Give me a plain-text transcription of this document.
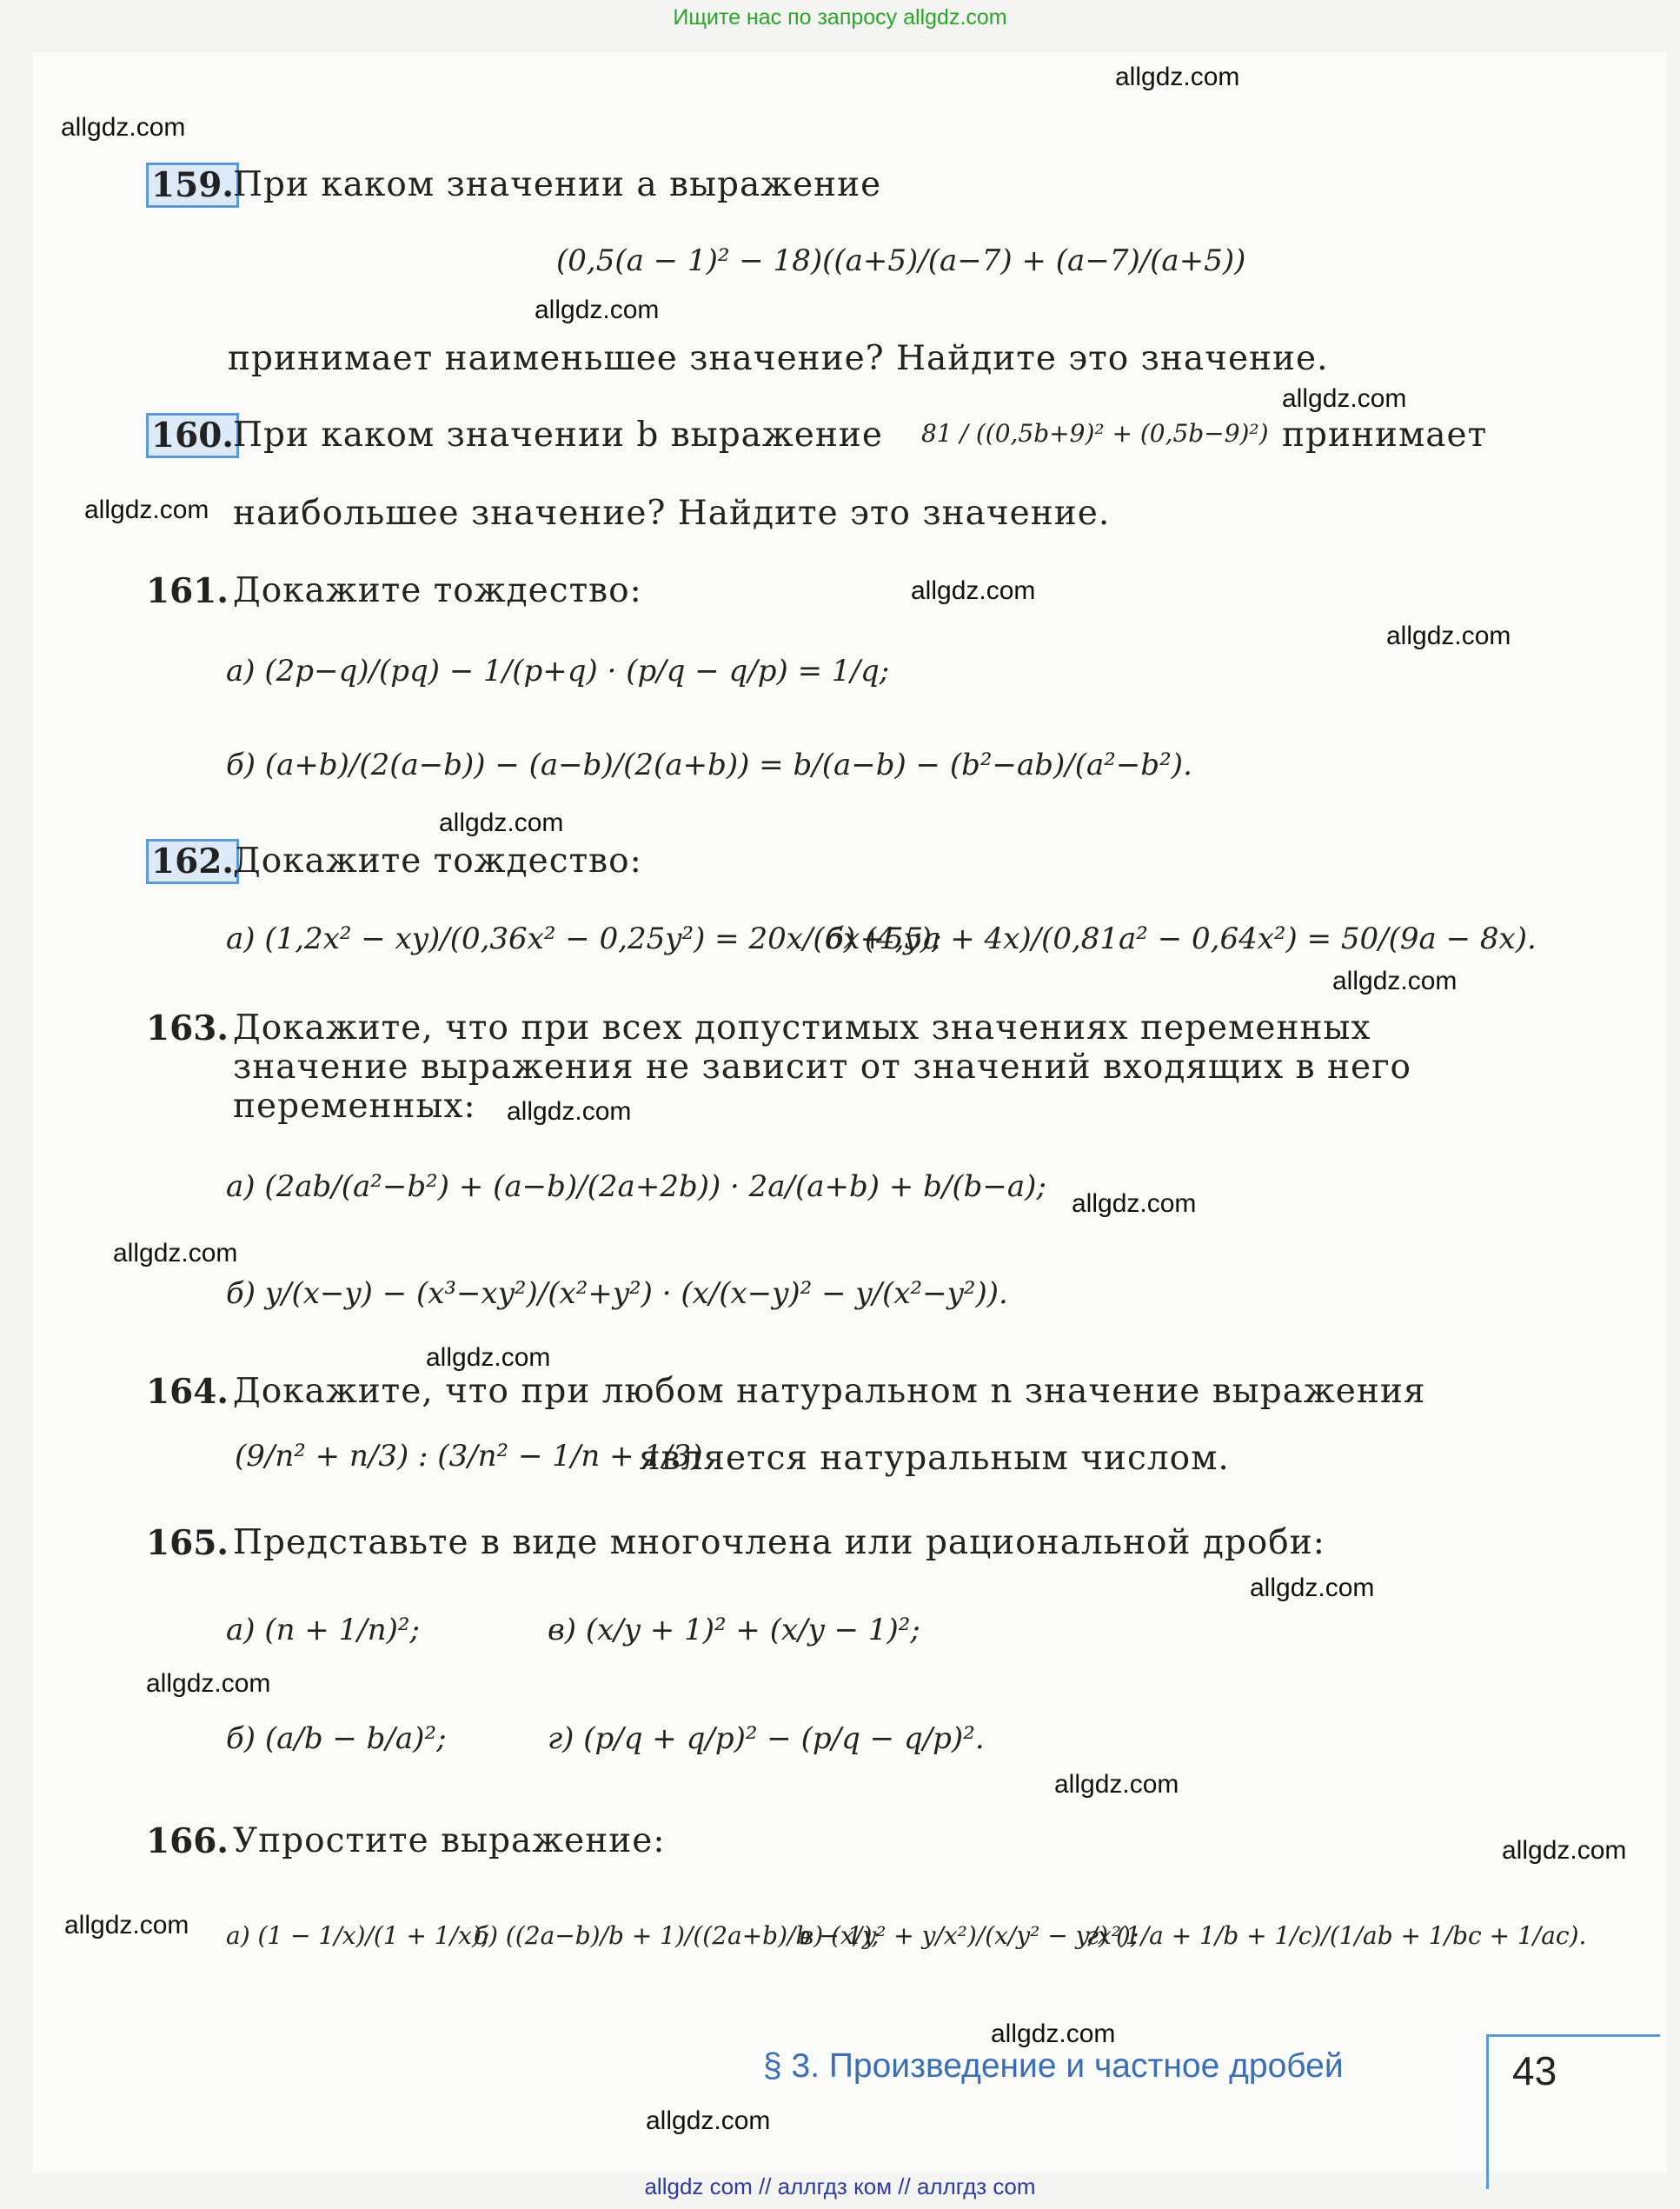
Ищите нас по запросу allgdz.com
allgdz.com
allgdz.com
allgdz.com
allgdz.com
allgdz.com
allgdz.com
allgdz.com
allgdz.com
allgdz.com
allgdz.com
allgdz.com
allgdz.com
allgdz.com
allgdz.com
allgdz.com
allgdz.com
allgdz.com
allgdz.com
allgdz.com
allgdz.com
159. При каком значении a выражение
(0,5(a − 1)² − 18)((a+5)/(a−7) + (a−7)/(a+5))
принимает наименьшее значение? Найдите это значение.
160. При каком значении b выражение 81 / ((0,5b+9)² + (0,5b−9)²) принимает
наибольшее значение? Найдите это значение.
161. Докажите тождество:
а) (2p−q)/(pq) − 1/(p+q) · (p/q − q/p) = 1/q;
б) (a+b)/(2(a−b)) − (a−b)/(2(a+b)) = b/(a−b) − (b²−ab)/(a²−b²).
162. Докажите тождество:
а) (1,2x² − xy)/(0,36x² − 0,25y²) = 20x/(6x+5y);
б) (4,5a + 4x)/(0,81a² − 0,64x²) = 50/(9a − 8x).
163. Докажите, что при всех допустимых значениях переменных
значение выражения не зависит от значений входящих в него
переменных:
а) (2ab/(a²−b²) + (a−b)/(2a+2b)) · 2a/(a+b) + b/(b−a);
б) y/(x−y) − (x³−xy²)/(x²+y²) · (x/(x−y)² − y/(x²−y²)).
164. Докажите, что при любом натуральном n значение выражения
(9/n² + n/3) : (3/n² − 1/n + 1/3)
является натуральным числом.
165. Представьте в виде многочлена или рациональной дроби:
а) (n + 1/n)²;	в) (x/y + 1)² + (x/y − 1)²;
б) (a/b − b/a)²;	г) (p/q + q/p)² − (p/q − q/p)².
166. Упростите выражение:
а) (1 − 1/x)/(1 + 1/x);
б) ((2a−b)/b + 1)/((2a+b)/b − 1);
в) (x/y² + y/x²)/(x/y² − y/x²);
г) (1/a + 1/b + 1/c)/(1/ab + 1/bc + 1/ac).
§ 3. Произведение и частное дробей	43
allgdz com // аллгдз ком // аллгдз com
